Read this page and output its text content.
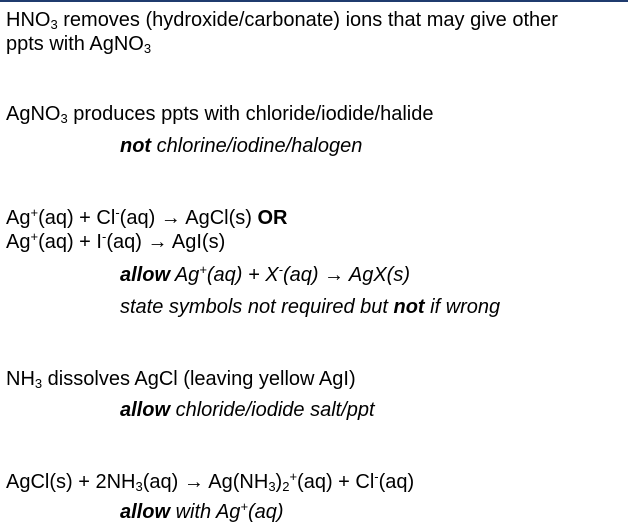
$HNO_3$ removes (hydroxide/carbonate) ions that may give other
ppts with AgNO$_3$
AgNO$_3$ produces ppts with chloride/iodide/halide
not chlorine/iodine/halogen
Ag+(aq) + Cl-(aq) → AgCl(s) OR
Ag+(aq) + I-(aq) → AgI(s)
allow Ag+(aq) + X-(aq) → AgX(s)
state symbols not required but not if wrong
$NH_3$ dissolves AgCl (leaving yellow AgI)
allow chloride/iodide salt/ppt
AgCl(s) + $2NH_3(aq) \to Ag(NH_3)_2^+(aq) + Cl^-(aq)$
allow with Ag+(aq)
